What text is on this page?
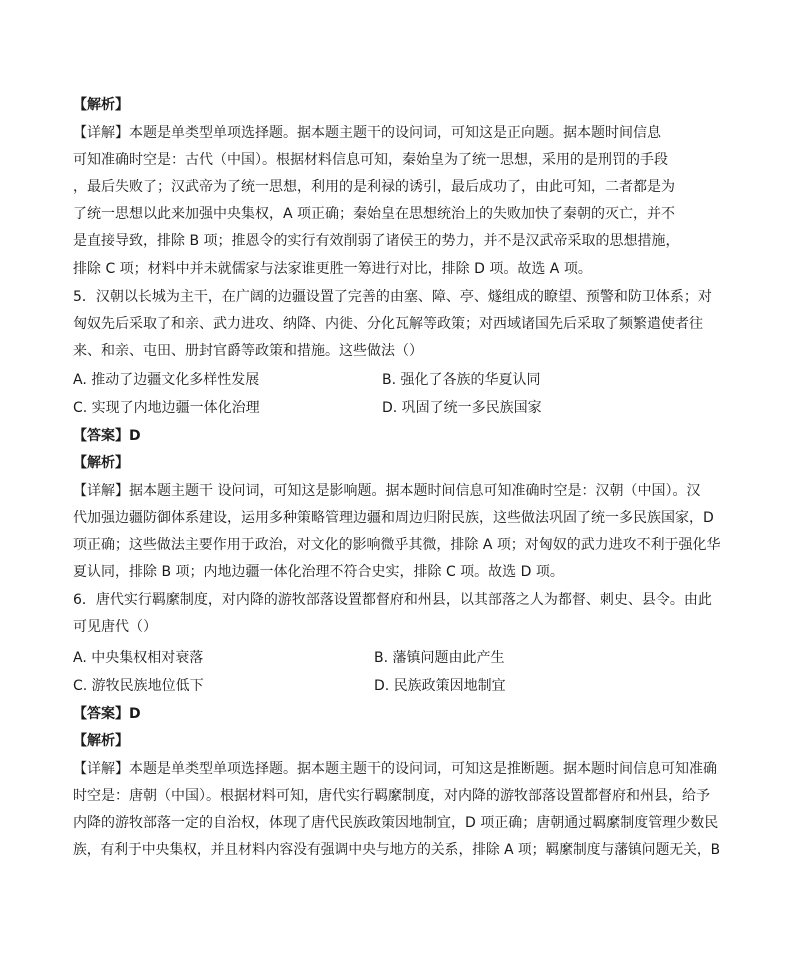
【解析】
【详解】本题是单类型单项选择题。据本题主题干的设问词，可知这是正向题。据本题时间信息
可知准确时空是：古代（中国）。根据材料信息可知，秦始皇为了统一思想，采用的是刑罚的手段
，最后失败了；汉武帝为了统一思想，利用的是利禄的诱引，最后成功了，由此可知，二者都是为
了统一思想以此来加强中央集权，A 项正确；秦始皇在思想统治上的失败加快了秦朝的灭亡，并不
是直接导致，排除 B 项；推恩令的实行有效削弱了诸侯王的势力，并不是汉武帝采取的思想措施，
排除 C 项；材料中并未就儒家与法家谁更胜一筹进行对比，排除 D 项。故选 A 项。
5．汉朝以长城为主干，在广阔的边疆设置了完善的由塞、障、亭、燧组成的瞭望、预警和防卫体系；对
匈奴先后采取了和亲、武力进攻、纳降、内徙、分化瓦解等政策；对西域诸国先后采取了频繁遣使者往
来、和亲、屯田、册封官爵等政策和措施。这些做法（）
A. 推动了边疆文化多样性发展	B. 强化了各族的华夏认同
C. 实现了内地边疆一体化治理	D. 巩固了统一多民族国家
【答案】D
【解析】
【详解】据本题主题干 设问词，可知这是影响题。据本题时间信息可知准确时空是：汉朝（中国）。汉
代加强边疆防御体系建设，运用多种策略管理边疆和周边归附民族，这些做法巩固了统一多民族国家，D
项正确；这些做法主要作用于政治，对文化的影响微乎其微，排除 A 项；对匈奴的武力进攻不利于强化华
夏认同，排除 B 项；内地边疆一体化治理不符合史实，排除 C 项。故选 D 项。
6．唐代实行羁縻制度，对内降的游牧部落设置都督府和州县，以其部落之人为都督、刺史、县令。由此
可见唐代（）
A. 中央集权相对衰落	B. 藩镇问题由此产生
C. 游牧民族地位低下	D. 民族政策因地制宜
【答案】D
【解析】
【详解】本题是单类型单项选择题。据本题主题干的设问词，可知这是推断题。据本题时间信息可知准确
时空是：唐朝（中国）。根据材料可知，唐代实行羁縻制度，对内降的游牧部落设置都督府和州县，给予
内降的游牧部落一定的自治权，体现了唐代民族政策因地制宜，D 项正确；唐朝通过羁縻制度管理少数民
族，有利于中央集权，并且材料内容没有强调中央与地方的关系，排除 A 项；羁縻制度与藩镇问题无关，B
